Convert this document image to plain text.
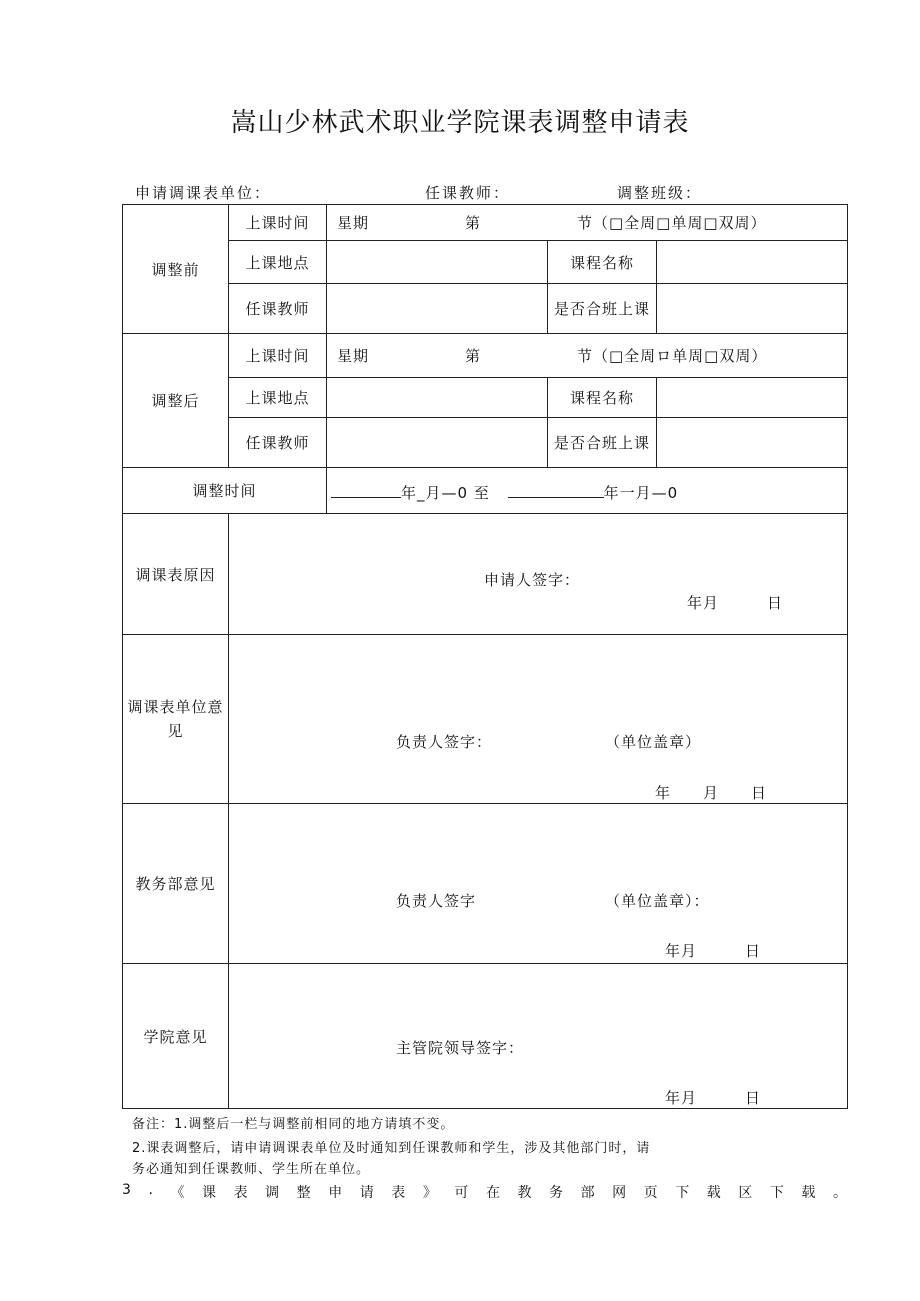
嵩山少林武术职业学院课表调整申请表
申请调课表单位：	任课教师：	调整班级：
调整前	上课时间	星期　　　　　　第　　　　　　节（□全周□单周□双周）		
	上课地点		课程名称	
	任课教师		是否合班上课	
调整后	上课时间	星期　　　　　　第　　　　　　节（□全周ロ单周□双周）		
	上课地点		课程名称	
	任课教师		是否合班上课	
调整时间		年_月—0 至 年一月—0		

调课表原因	申请人签字：
年月　　　日			

调课表单位意见	负责人签字： （单位盖章）
年　　月　　日			

教务部意见	负责人签字 （单位盖章）：
年月　　　日			

学院意见	主管院领导签字：
年月　　　日			
备注：1.调整后一栏与调整前相同的地方请填不变。
2.课表调整后，请申请调课表单位及时通知到任课教师和学生，涉及其他部门时，请
务必通知到任课教师、学生所在单位。
3 . 《 课 表 调 整 申 请 表 》 可 在 教 务 部 网 页 下 载 区 下 载 。
